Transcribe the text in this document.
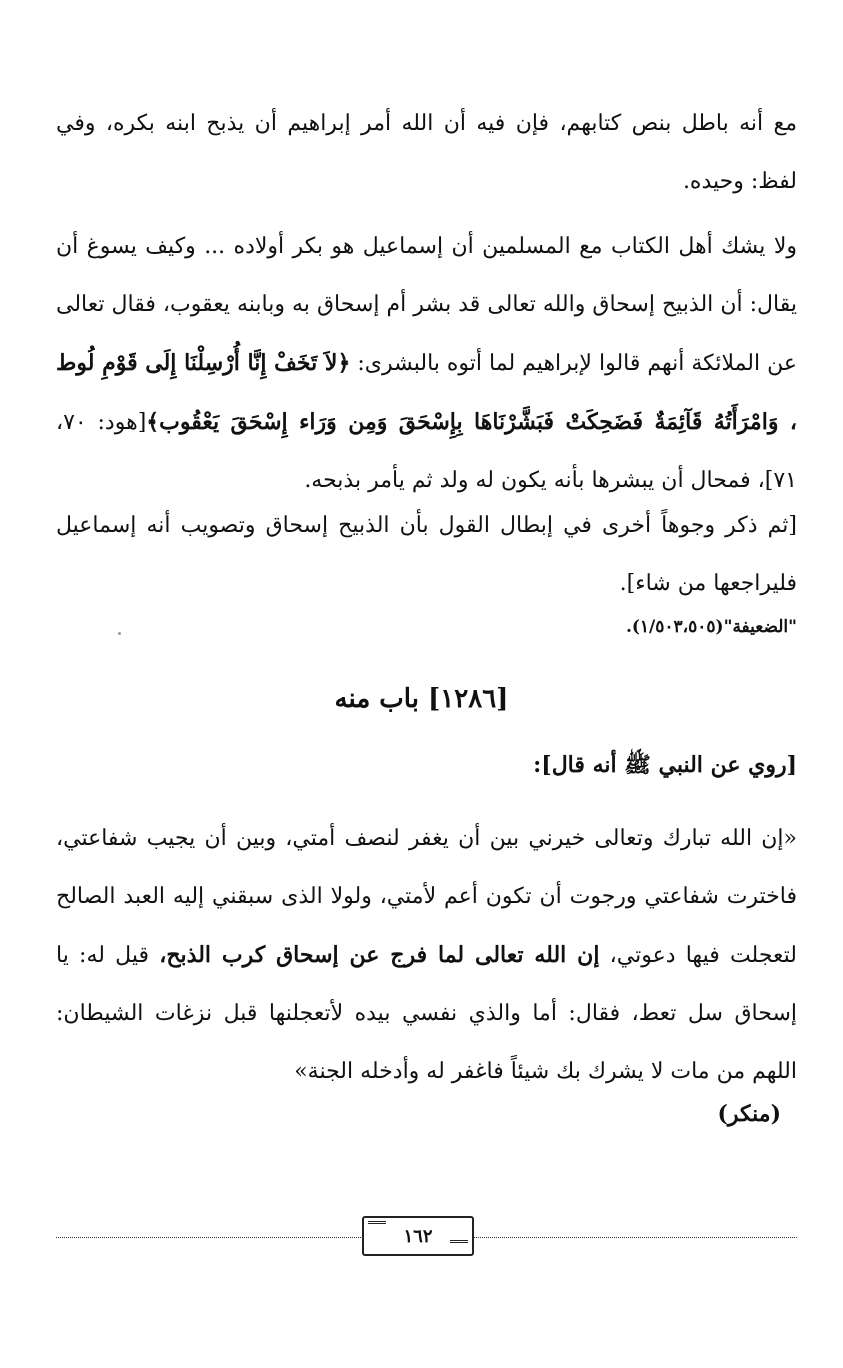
مع أنه باطل بنص كتابهم، فإن فيه أن الله أمر إبراهيم أن يذبح ابنه بكره، وفي لفظ: وحيده.

ولا يشك أهل الكتاب مع المسلمين أن إسماعيل هو بكر أولاده ... وكيف يسوغ أن يقال: أن الذبيح إسحاق والله تعالى قد بشر أم إسحاق به وبابنه يعقوب، فقال تعالى عن الملائكة أنهم قالوا لإبراهيم لما أتوه بالبشرى: ﴿لاَ تَخَفْ إِنَّا أُرْسِلْنَا إِلَى قَوْمِ لُوط ، وَامْرَأَتُهُ قَآئِمَةٌ فَضَحِكَتْ فَبَشَّرْنَاهَا بِإِسْحَقَ وَمِن وَرَاء إِسْحَقَ يَعْقُوب﴾[هود: ٧٠، ٧١]، فمحال أن يبشرها بأنه يكون له ولد ثم يأمر بذبحه.

[ثم ذكر وجوهاً أخرى في إبطال القول بأن الذبيح إسحاق وتصويب أنه إسماعيل فليراجعها من شاء].

"الضعيفة"(١/٥٠٣،٥٠٥).

[١٢٨٦] باب منه

[روي عن النبي ﷺ أنه قال]:

«إن الله تبارك وتعالى خيرني بين أن يغفر لنصف أمتي، وبين أن يجيب شفاعتي، فاخترت شفاعتي ورجوت أن تكون أعم لأمتي، ولولا الذى سبقني إليه العبد الصالح لتعجلت فيها دعوتي، إن الله تعالى لما فرج عن إسحاق كرب الذبح، قيل له: يا إسحاق سل تعط، فقال: أما والذي نفسي بيده لأتعجلنها قبل نزغات الشيطان: اللهم من مات لا يشرك بك شيئاً فاغفر له وأدخله الجنة»

(منكر)

١٦٢
